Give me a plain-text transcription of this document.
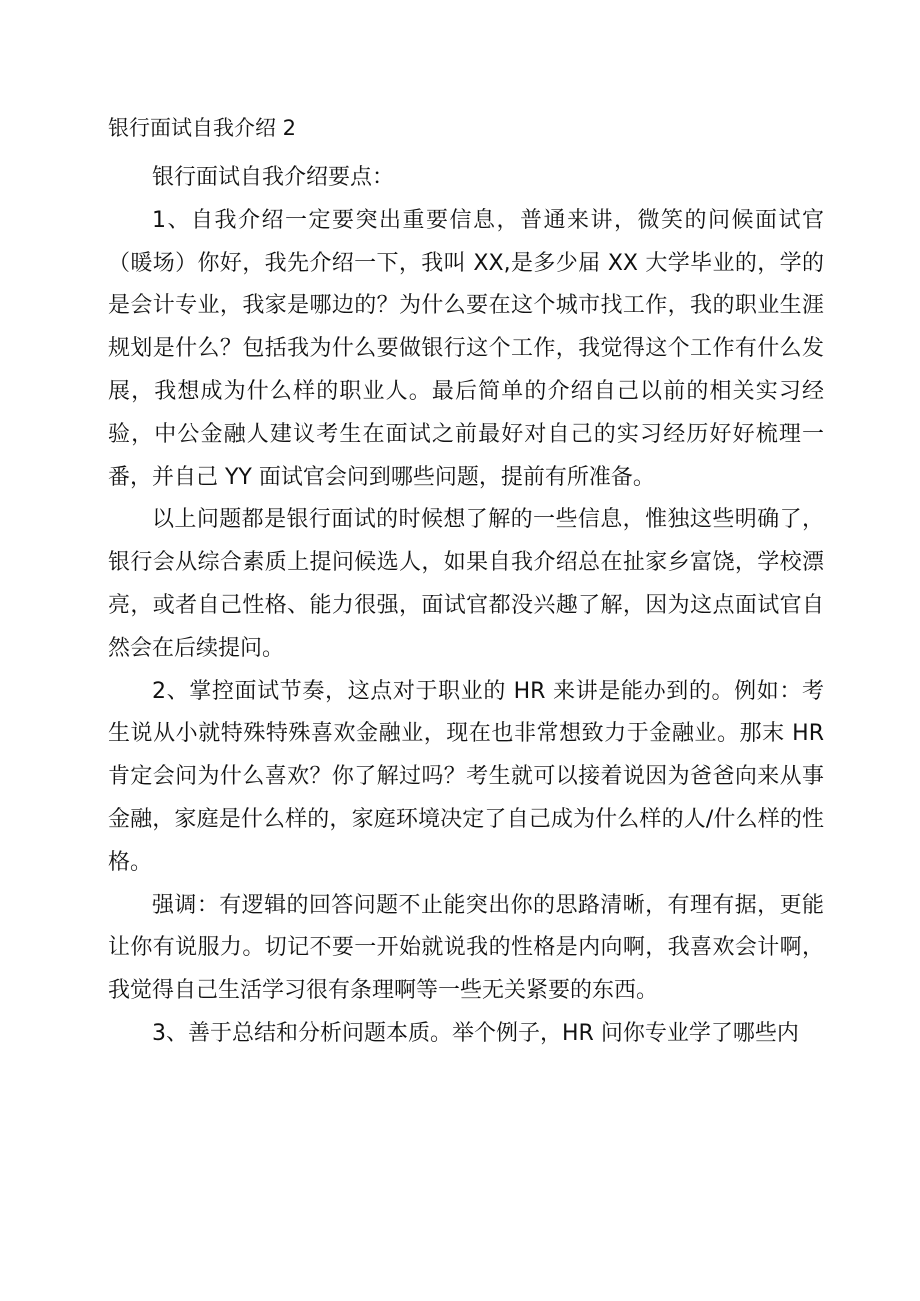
银行面试自我介绍 2

银行面试自我介绍要点：

1、自我介绍一定要突出重要信息，普通来讲，微笑的问候面试官（暖场）你好，我先介绍一下，我叫 XX,是多少届 XX 大学毕业的，学的是会计专业，我家是哪边的？为什么要在这个城市找工作，我的职业生涯规划是什么？包括我为什么要做银行这个工作，我觉得这个工作有什么发展，我想成为什么样的职业人。最后简单的介绍自己以前的相关实习经验，中公金融人建议考生在面试之前最好对自己的实习经历好好梳理一番，并自己 YY 面试官会问到哪些问题，提前有所准备。

以上问题都是银行面试的时候想了解的一些信息，惟独这些明确了，银行会从综合素质上提问候选人，如果自我介绍总在扯家乡富饶，学校漂亮，或者自己性格、能力很强，面试官都没兴趣了解，因为这点面试官自然会在后续提问。

2、掌控面试节奏，这点对于职业的 HR 来讲是能办到的。例如：考生说从小就特殊特殊喜欢金融业，现在也非常想致力于金融业。那末 HR 肯定会问为什么喜欢？你了解过吗？考生就可以接着说因为爸爸向来从事金融，家庭是什么样的，家庭环境决定了自己成为什么样的人/什么样的性格。

强调：有逻辑的回答问题不止能突出你的思路清晰，有理有据，更能让你有说服力。切记不要一开始就说我的性格是内向啊，我喜欢会计啊，我觉得自己生活学习很有条理啊等一些无关紧要的东西。

3、善于总结和分析问题本质。举个例子，HR 问你专业学了哪些内
